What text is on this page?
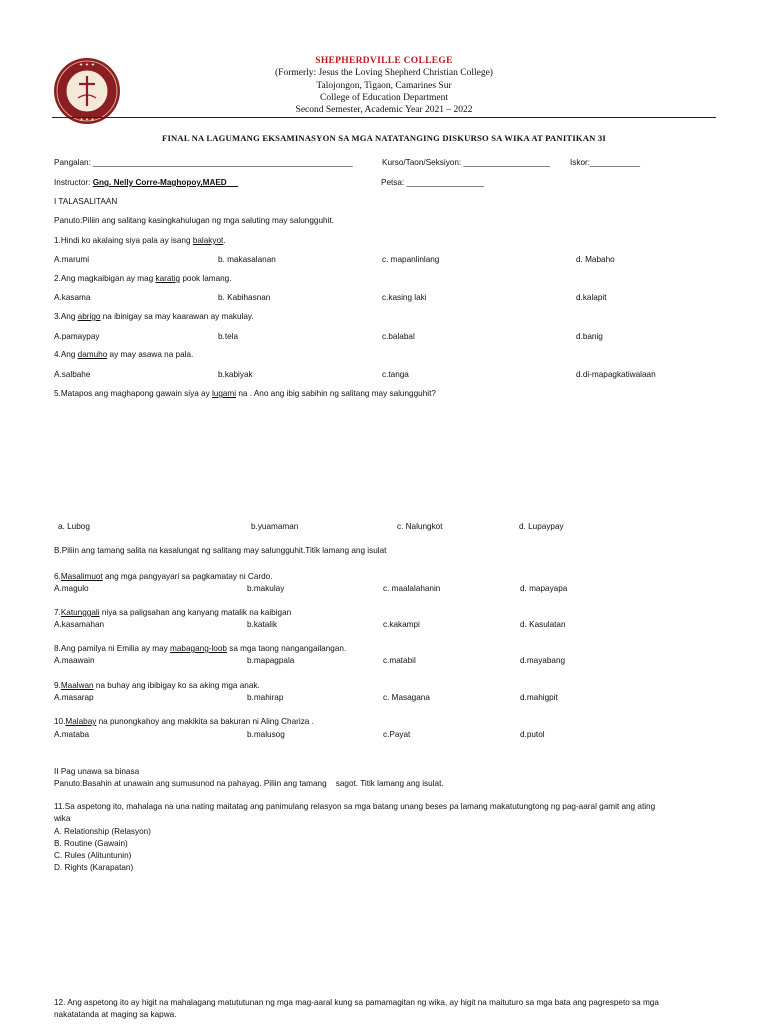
✦ ✦ ✦
✦ ✦ ✦
SHEPHERDVILLE COLLEGE
(Formerly: Jesus the Loving Shepherd Christian College)
Talojongon, Tigaon, Camarines Sur
College of Education Department
Second Semester, Academic Year 2021 – 2022
FINAL NA LAGUMANG EKSAMINASYON SA MGA NATATANGING DISKURSO SA WIKA AT PANITIKAN 3I
Pangalan: _________________________________________________________	Kurso/Taon/Seksiyon: ___________________ Iskor:___________
Instructor: Gng. Nelly Corre-Maghopoy,MAED	Petsa: _________________
I TALASALITAAN
Panuto:Piliin ang salitang kasingkahulugan ng mga saluting may salungguhit.
1.Hindi ko akalaing siya pala ay isang balakyot.
A.marumi	b. makasalanan	c. mapanlinlang	d. Mabaho
2.Ang magkaibigan ay mag karatig pook lamang.
A.kasama	b. Kabihasnan	c.kasing laki	d.kalapit
3.Ang abrigo na ibinigay sa may kaarawan ay makulay.
A.pamaypay	b.tela	c.balabal	d.banig
4.Ang damuho ay may asawa na pala.
A.salbahe	b.kabiyak	c.tanga	d.di-mapagkatiwalaan
5.Matapos ang maghapong gawain siya ay lugami na . Ano ang ibig sabihin ng salitang may salungguhit?
a. Lubog	b.yuamaman	c. Nalungkot	d. Lupaypay
B.Piliin ang tamang salita na kasalungat ng salitang may salungguhit.Titik lamang ang isulat
6.Masalimuot ang mga pangyayari sa pagkamatay ni Cardo.
A.magulo	b.makulay	c. maalalahanin	d. mapayapa
7.Katunggali niya sa paligsahan ang kanyang matalik na kaibigan
A.kasamahan	b.katalik	c.kakampi	d. Kasulatan
8.Ang pamilya ni Emilia ay may mabagang-loob sa mga taong nangangailangan.
A.maawain	b.mapagpala	c.matabil	d.mayabang
9.Maalwan na buhay ang ibibigay ko sa aking mga anak.
A.masarap	b.mahirap	c. Masagana	d.mahigpit
10.Malabay na punongkahoy ang makikita sa bakuran ni Aling Chariza .
A.mataba	b.malusog	c.Payat	d.putol
II Pag unawa sa binasa
Panuto:Basahin at unawain ang sumusunod na pahayag. Piliin ang tamang    sagot. Titik lamang ang isulat.
11.Sa aspetong ito, mahalaga na una nating maitatag ang panimulang relasyon sa mga batang unang beses pa lamang makatutungtong ng pag-aaral gamit ang ating
wika
A. Relationship (Relasyon)
B. Routine (Gawain)
C. Rules (Alituntunin)
D. Rights (Karapatan)
12. Ang aspetong ito ay higit na mahalagang matututunan ng mga mag-aaral kung sa pamamagitan ng wika, ay higit na maituturo sa mga bata ang pagrespeto sa mga
nakatatanda at maging sa kapwa.
